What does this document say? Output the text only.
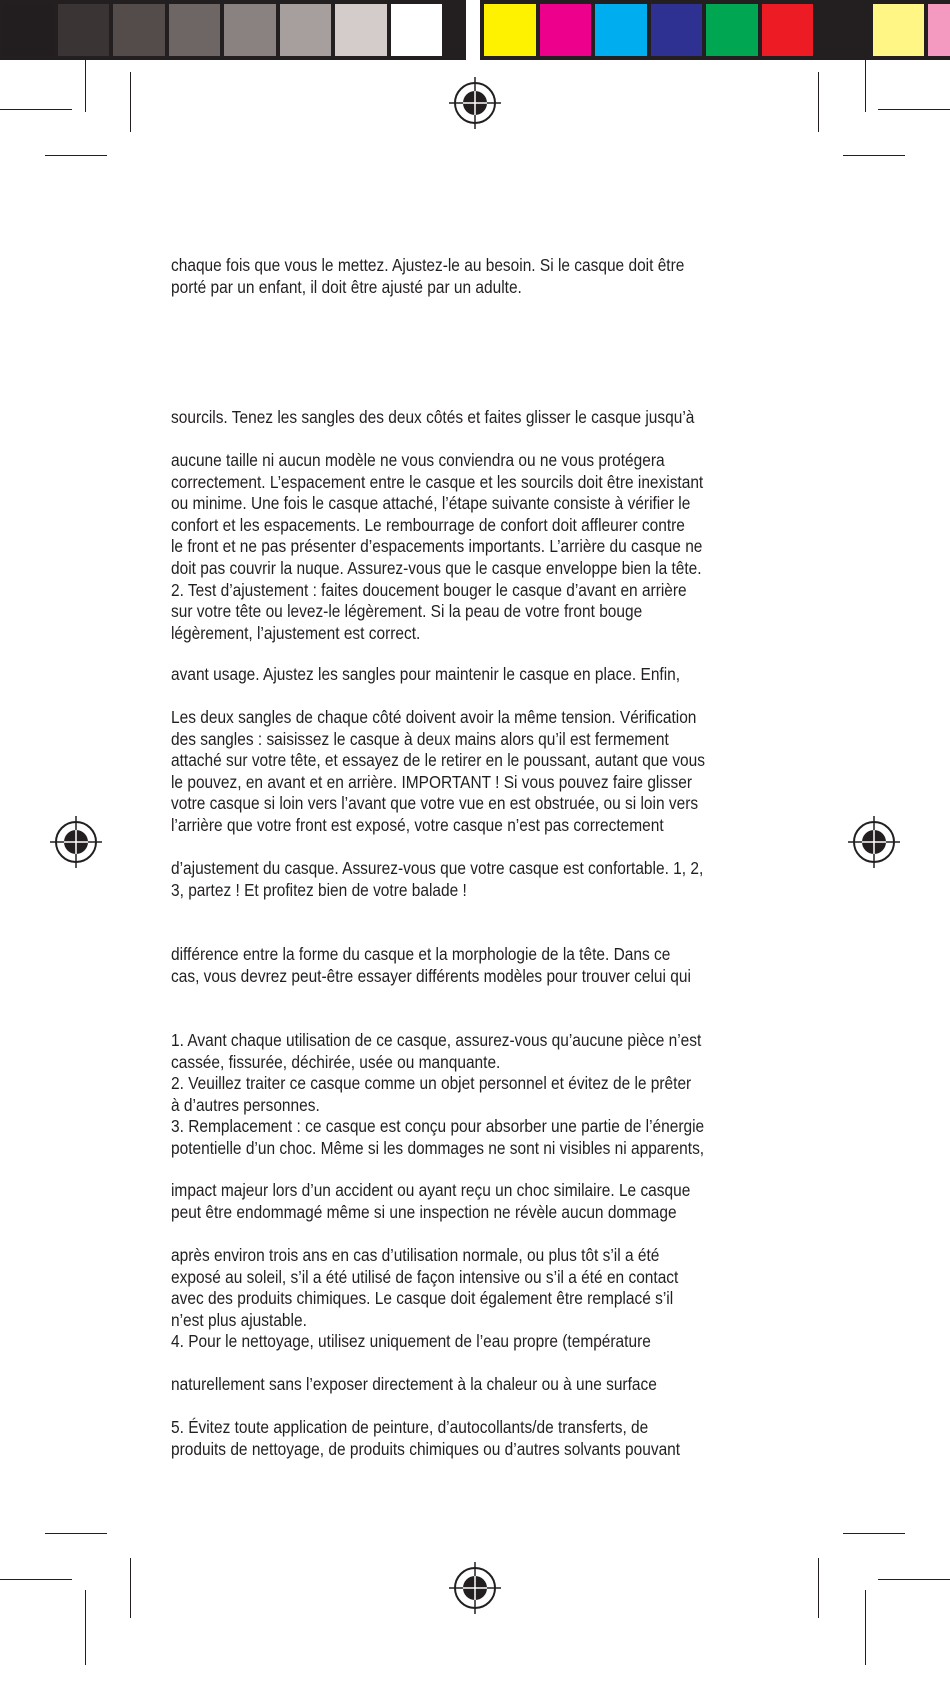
chaque fois que vous le mettez. Ajustez-le au besoin. Si le casque doit être
porté par un enfant, il doit être ajusté par un adulte.
sourcils. Tenez les sangles des deux côtés et faites glisser le casque jusqu’à
aucune taille ni aucun modèle ne vous conviendra ou ne vous protégera
correctement. L’espacement entre le casque et les sourcils doit être inexistant
ou minime. Une fois le casque attaché, l’étape suivante consiste à vérifier le
confort et les espacements. Le rembourrage de confort doit affleurer contre
le front et ne pas présenter d’espacements importants. L’arrière du casque ne
doit pas couvrir la nuque. Assurez-vous que le casque enveloppe bien la tête.
2. Test d’ajustement : faites doucement bouger le casque d’avant en arrière
sur votre tête ou levez-le légèrement. Si la peau de votre front bouge
légèrement, l’ajustement est correct.
avant usage. Ajustez les sangles pour maintenir le casque en place. Enfin,
Les deux sangles de chaque côté doivent avoir la même tension. Vérification
des sangles : saisissez le casque à deux mains alors qu’il est fermement
attaché sur votre tête, et essayez de le retirer en le poussant, autant que vous
le pouvez, en avant et en arrière. IMPORTANT ! Si vous pouvez faire glisser
votre casque si loin vers l’avant que votre vue en est obstruée, ou si loin vers
l’arrière que votre front est exposé, votre casque n’est pas correctement
d’ajustement du casque. Assurez-vous que votre casque est confortable. 1, 2,
3, partez ! Et profitez bien de votre balade !
différence entre la forme du casque et la morphologie de la tête. Dans ce
cas, vous devrez peut-être essayer différents modèles pour trouver celui qui
1. Avant chaque utilisation de ce casque, assurez-vous qu’aucune pièce n’est
cassée, fissurée, déchirée, usée ou manquante.
2. Veuillez traiter ce casque comme un objet personnel et évitez de le prêter
à d’autres personnes.
3. Remplacement : ce casque est conçu pour absorber une partie de l’énergie
potentielle d’un choc. Même si les dommages ne sont ni visibles ni apparents,
impact majeur lors d’un accident ou ayant reçu un choc similaire. Le casque
peut être endommagé même si une inspection ne révèle aucun dommage
après environ trois ans en cas d’utilisation normale, ou plus tôt s’il a été
exposé au soleil, s’il a été utilisé de façon intensive ou s’il a été en contact
avec des produits chimiques. Le casque doit également être remplacé s’il
n’est plus ajustable.
4. Pour le nettoyage, utilisez uniquement de l’eau propre (température
naturellement sans l’exposer directement à la chaleur ou à une surface
5. Évitez toute application de peinture, d’autocollants/de transferts, de
produits de nettoyage, de produits chimiques ou d’autres solvants pouvant
